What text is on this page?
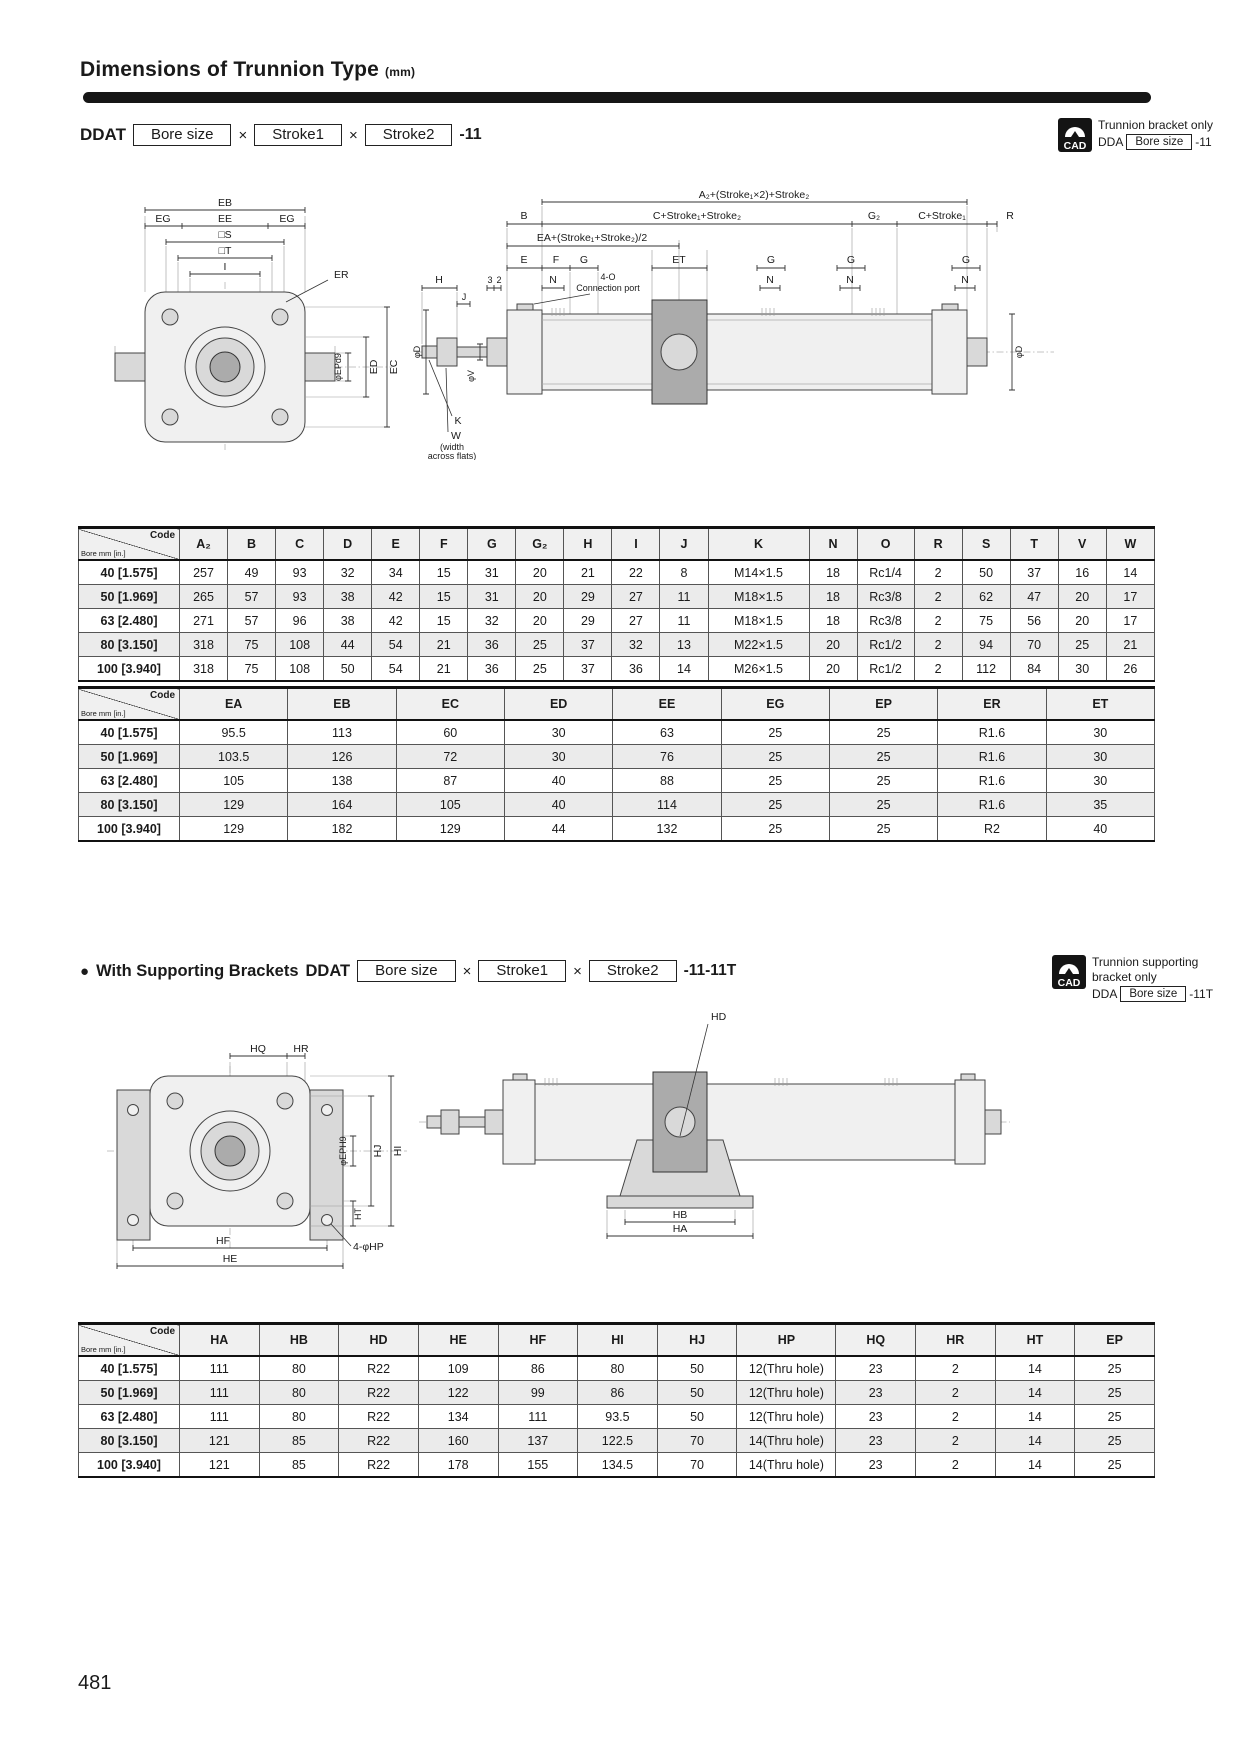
Dimensions of Trunnion Type (mm)
DDAT	Bore size	×	Stroke1	×	Stroke2	-11
CAD
Trunnion bracket only
DDA	Bore size	-11
EB
EG	EE	EG
□S
□T
I
ER
φEPd9 ED EC
A₂+(Stroke₁×2)+Stroke₂
B	C+Stroke₁+Stroke₂	G₂	C+Stroke₁	R
EA+(Stroke₁+Stroke₂)/2
E F G	ET	G	G	G
H	3 2	N	N	N	N
J
4-O
Connection port
φD
φV
K
W
(width
across flats)
φD
Code
Bore mm [in.]	A₂	B	C	D	E	F	G	G₂	H	I	J	K	N	O	R	S	T	V	W
40 [1.575]	257	49	93	32	34	15	31	20	21	22	8	M14×1.5	18	Rc1/4	2	50	37	16	14
50 [1.969]	265	57	93	38	42	15	31	20	29	27	11	M18×1.5	18	Rc3/8	2	62	47	20	17
63 [2.480]	271	57	96	38	42	15	32	20	29	27	11	M18×1.5	18	Rc3/8	2	75	56	20	17
80 [3.150]	318	75	108	44	54	21	36	25	37	32	13	M22×1.5	20	Rc1/2	2	94	70	25	21
100 [3.940]	318	75	108	50	54	21	36	25	37	36	14	M26×1.5	20	Rc1/2	2	112	84	30	26
Code
Bore mm [in.]	EA	EB	EC	ED	EE	EG	EP	ER	ET
40 [1.575]	95.5	113	60	30	63	25	25	R1.6	30
50 [1.969]	103.5	126	72	30	76	25	25	R1.6	30
63 [2.480]	105	138	87	40	88	25	25	R1.6	30
80 [3.150]	129	164	105	40	114	25	25	R1.6	35
100 [3.940]	129	182	129	44	132	25	25	R2	40
● With Supporting Brackets DDAT	Bore size	×	Stroke1	×	Stroke2	-11-11T
CAD
Trunnion supporting
bracket only
DDA	Bore size	-11T
HQ	HR
φEPH9
HT
HJ HI
HF	4-φHP
HE
HD
HB
HA
Code
Bore mm [in.]	HA	HB	HD	HE	HF	HI	HJ	HP	HQ	HR	HT	EP
40 [1.575]	111	80	R22	109	86	80	50	12(Thru hole)	23	2	14	25
50 [1.969]	111	80	R22	122	99	86	50	12(Thru hole)	23	2	14	25
63 [2.480]	111	80	R22	134	111	93.5	50	12(Thru hole)	23	2	14	25
80 [3.150]	121	85	R22	160	137	122.5	70	14(Thru hole)	23	2	14	25
100 [3.940]	121	85	R22	178	155	134.5	70	14(Thru hole)	23	2	14	25
481
